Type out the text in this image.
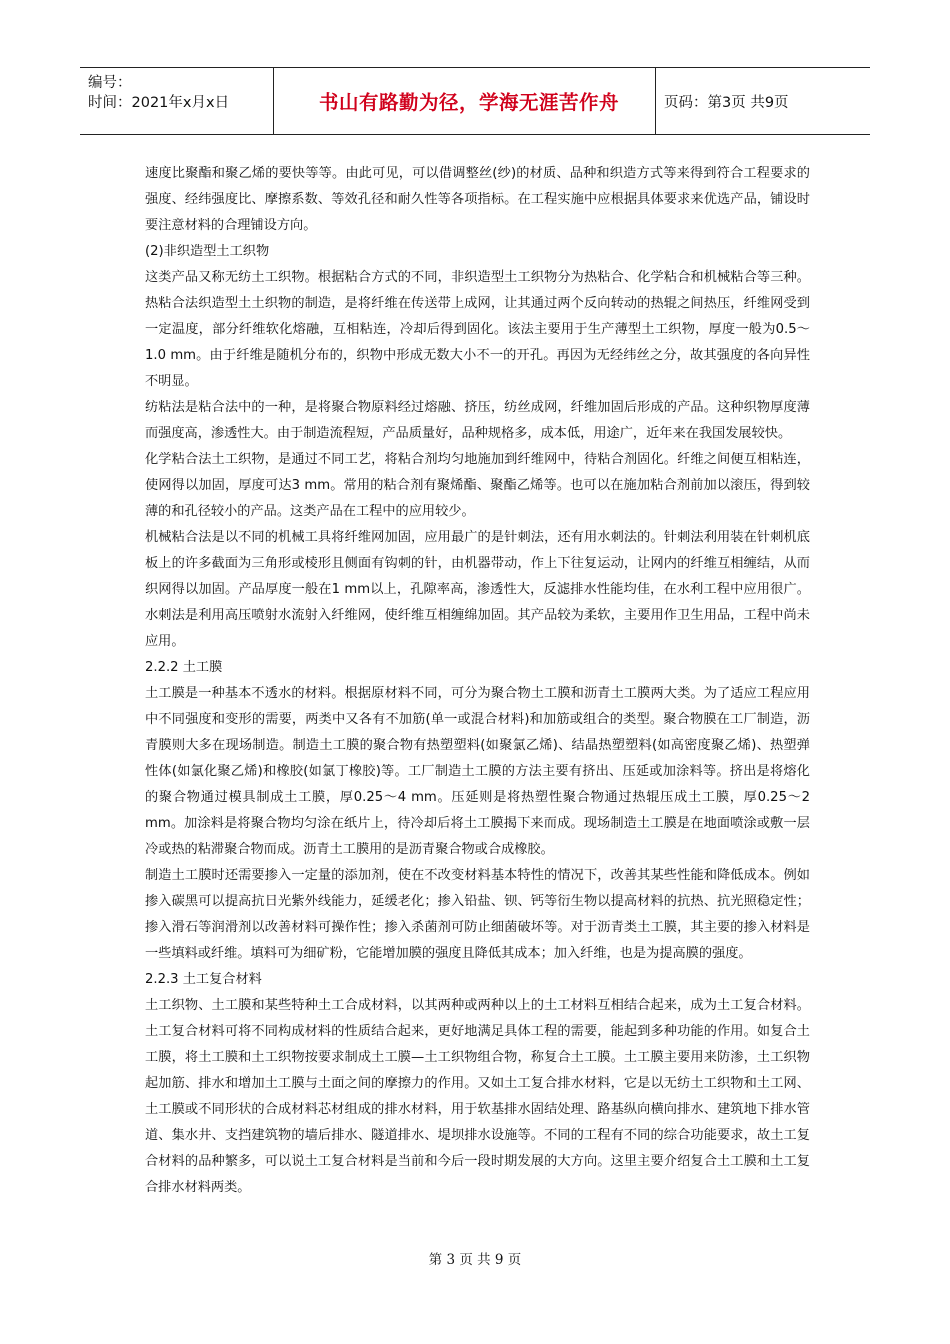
编号：
时间：2021年x月x日	书山有路勤为径，学海无涯苦作舟	页码：第3页 共9页

速度比聚酯和聚乙烯的要快等等。由此可见，可以借调整丝(纱)的材质、品种和织造方式等来得到符合工程要求的强度、经纬强度比、摩擦系数、等效孔径和耐久性等各项指标。在工程实施中应根据具体要求来优选产品，铺设时要注意材料的合理铺设方向。

(2)非织造型土工织物

这类产品又称无纺土工织物。根据粘合方式的不同，非织造型土工织物分为热粘合、化学粘合和机械粘合等三种。热粘合法织造型土土织物的制造，是将纤维在传送带上成网，让其通过两个反向转动的热辊之间热压，纤维网受到一定温度，部分纤维软化熔融，互相粘连，冷却后得到固化。该法主要用于生产薄型土工织物，厚度一般为0.5～1.0 mm。由于纤维是随机分布的，织物中形成无数大小不一的开孔。再因为无经纬丝之分，故其强度的各向异性不明显。

纺粘法是粘合法中的一种，是将聚合物原料经过熔融、挤压，纺丝成网，纤维加固后形成的产品。这种织物厚度薄而强度高，渗透性大。由于制造流程短，产品质量好，品种规格多，成本低，用途广，近年来在我国发展较快。

化学粘合法土工织物，是通过不同工艺，将粘合剂均匀地施加到纤维网中，待粘合剂固化。纤维之间便互相粘连，使网得以加固，厚度可达3 mm。常用的粘合剂有聚烯酯、聚酯乙烯等。也可以在施加粘合剂前加以滚压，得到较薄的和孔径较小的产品。这类产品在工程中的应用较少。

机械粘合法是以不同的机械工具将纤维网加固，应用最广的是针刺法，还有用水刺法的。针刺法利用装在针刺机底板上的许多截面为三角形或棱形且侧面有钩刺的针，由机器带动，作上下往复运动，让网内的纤维互相缠结，从而织网得以加固。产品厚度一般在1 mm以上，孔隙率高，渗透性大，反滤排水性能均佳，在水利工程中应用很广。水刺法是利用高压喷射水流射入纤维网，使纤维互相缠绵加固。其产品较为柔软，主要用作卫生用品，工程中尚未应用。

2.2.2 土工膜

土工膜是一种基本不透水的材料。根据原材料不同，可分为聚合物土工膜和沥青土工膜两大类。为了适应工程应用中不同强度和变形的需要，两类中又各有不加筋(单一或混合材料)和加筋或组合的类型。聚合物膜在工厂制造，沥青膜则大多在现场制造。制造土工膜的聚合物有热塑塑料(如聚氯乙烯)、结晶热塑塑料(如高密度聚乙烯)、热塑弹性体(如氯化聚乙烯)和橡胶(如氯丁橡胶)等。工厂制造土工膜的方法主要有挤出、压延或加涂料等。挤出是将熔化的聚合物通过模具制成土工膜，厚0.25～4 mm。压延则是将热塑性聚合物通过热辊压成土工膜，厚0.25～2 mm。加涂料是将聚合物均匀涂在纸片上，待冷却后将土工膜揭下来而成。现场制造土工膜是在地面喷涂或敷一层冷或热的粘滞聚合物而成。沥青土工膜用的是沥青聚合物或合成橡胶。

制造土工膜时还需要掺入一定量的添加剂，使在不改变材料基本特性的情况下，改善其某些性能和降低成本。例如掺入碳黑可以提高抗日光紫外线能力，延缓老化；掺入铅盐、钡、钙等衍生物以提高材料的抗热、抗光照稳定性；掺入滑石等润滑剂以改善材料可操作性；掺入杀菌剂可防止细菌破坏等。对于沥青类土工膜，其主要的掺入材料是一些填料或纤维。填料可为细矿粉，它能增加膜的强度且降低其成本；加入纤维，也是为提高膜的强度。

2.2.3 土工复合材料

土工织物、土工膜和某些特种土工合成材料，以其两种或两种以上的土工材料互相结合起来，成为土工复合材料。土工复合材料可将不同构成材料的性质结合起来，更好地满足具体工程的需要，能起到多种功能的作用。如复合土工膜，将土工膜和土工织物按要求制成土工膜—土工织物组合物，称复合土工膜。土工膜主要用来防渗，土工织物起加筋、排水和增加土工膜与土面之间的摩擦力的作用。又如土工复合排水材料，它是以无纺土工织物和土工网、土工膜或不同形状的合成材料芯材组成的排水材料，用于软基排水固结处理、路基纵向横向排水、建筑地下排水管道、集水井、支挡建筑物的墙后排水、隧道排水、堤坝排水设施等。不同的工程有不同的综合功能要求，故土工复合材料的品种繁多，可以说土工复合材料是当前和今后一段时期发展的大方向。这里主要介绍复合土工膜和土工复合排水材料两类。

第 3 页 共 9 页
